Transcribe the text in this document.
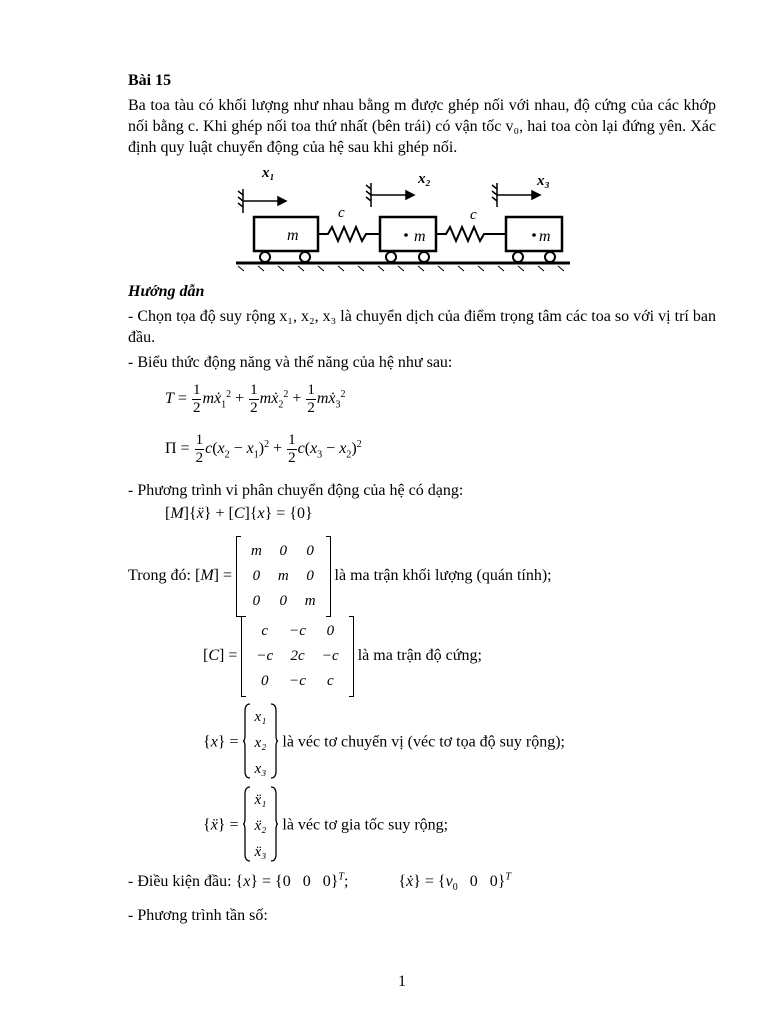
Bài 15
Ba toa tàu có khối lượng như nhau bằng m được ghép nối với nhau, độ cứng của các khớp nối bằng c. Khi ghép nối toa thứ nhất (bên trái) có vận tốc v₀, hai toa còn lại đứng yên. Xác định quy luật chuyển động của hệ sau khi ghép nối.
x₁	x₂	x₃
c	c
m	m	m
Hướng dẫn
- Chọn tọa độ suy rộng x₁, x₂, x₃ là chuyển dịch của điểm trọng tâm các toa so với vị trí ban đầu.
- Biểu thức động năng và thế năng của hệ như sau:
$T = \frac{1}{2}$ mẋ$_1^2$ + $\frac{1}{2}$ mẋ$_2^2$ + $\frac{1}{2}$ mẋ$_3^2$
$\Pi = \frac{1}{2} c(x_2 - x_1)^2 + \frac{1}{2} c(x_3 - x_2)^2$
- Phương trình vi phân chuyển động của hệ có dạng:
[M]{ẍ} + [C]{x} = {0}
Trong đó: [M] =
m	0	0
0	m	0
0	0	m
là ma trận khối lượng (quán tính);
[C] =
c	−c	0
−c	2c	−c
0	−c	c
là ma trận độ cứng;
{x} =
x₁
x₂
x₃
là véc tơ chuyển vị (véc tơ tọa độ suy rộng);
{ẍ} =
ẍ₁
ẍ₂
ẍ₃
là véc tơ gia tốc suy rộng;
- Điều kiện đầu: {x} = {0   0   0}$^T$;	{ẋ} = {$v_0$   0   0}$^T$
- Phương trình tần số:
1
